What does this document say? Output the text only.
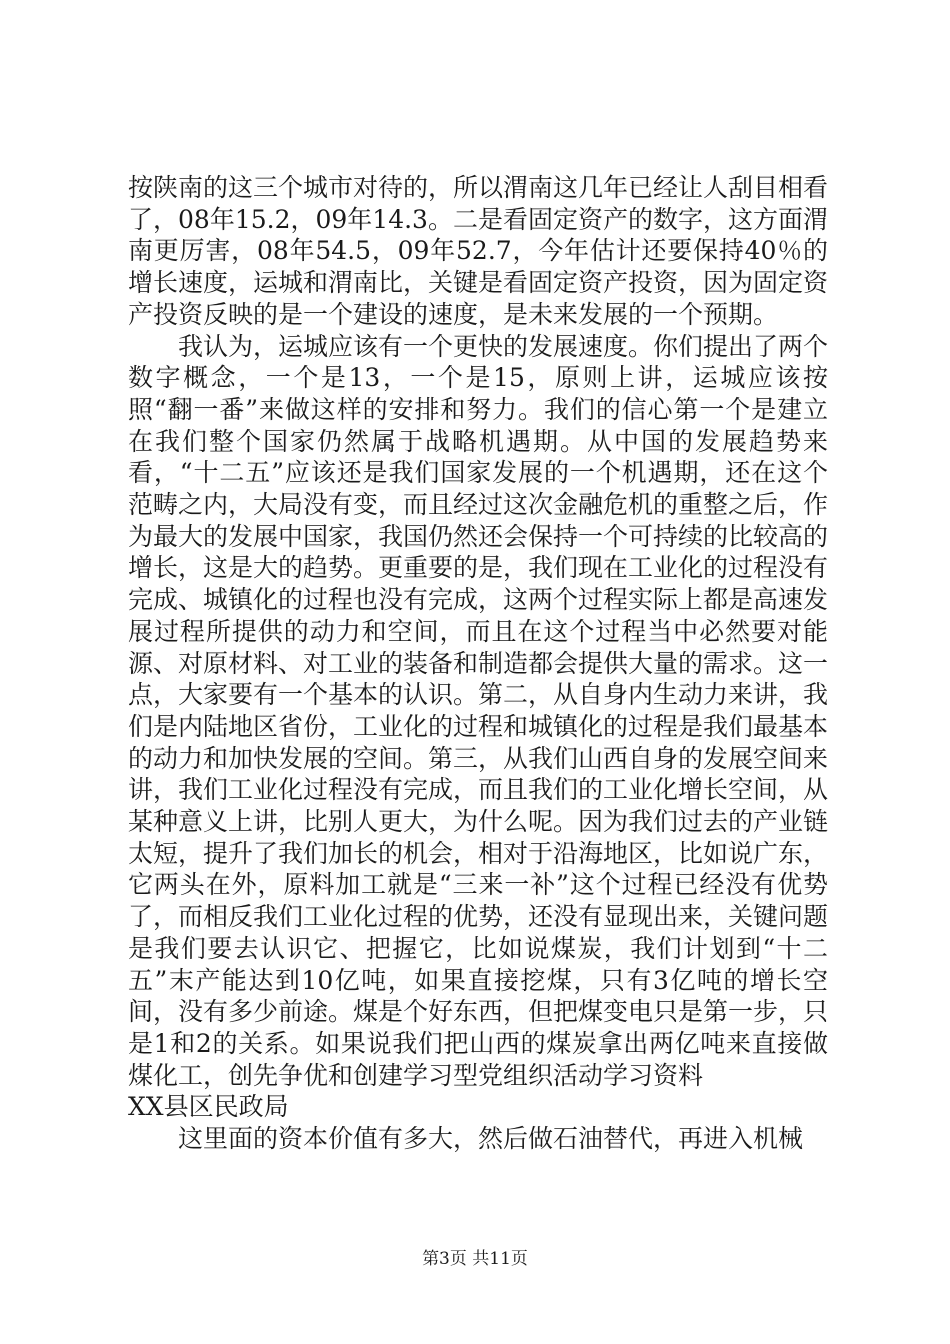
按陕南的这三个城市对待的，所以渭南这几年已经让人刮目相看了，08年15.2，09年14.3。二是看固定资产的数字，这方面渭南更厉害，08年54.5，09年52.7，今年估计还要保持40％的增长速度，运城和渭南比，关键是看固定资产投资，因为固定资产投资反映的是一个建设的速度，是未来发展的一个预期。

我认为，运城应该有一个更快的发展速度。你们提出了两个数字概念，一个是13，一个是15，原则上讲，运城应该按照“翻一番”来做这样的安排和努力。我们的信心第一个是建立在我们整个国家仍然属于战略机遇期。从中国的发展趋势来看，“十二五”应该还是我们国家发展的一个机遇期，还在这个范畴之内，大局没有变，而且经过这次金融危机的重整之后，作为最大的发展中国家，我国仍然还会保持一个可持续的比较高的增长，这是大的趋势。更重要的是，我们现在工业化的过程没有完成、城镇化的过程也没有完成，这两个过程实际上都是高速发展过程所提供的动力和空间，而且在这个过程当中必然要对能源、对原材料、对工业的装备和制造都会提供大量的需求。这一点，大家要有一个基本的认识。第二，从自身内生动力来讲，我们是内陆地区省份，工业化的过程和城镇化的过程是我们最基本的动力和加快发展的空间。第三，从我们山西自身的发展空间来讲，我们工业化过程没有完成，而且我们的工业化增长空间，从某种意义上讲，比别人更大，为什么呢。因为我们过去的产业链太短，提升了我们加长的机会，相对于沿海地区，比如说广东，它两头在外，原料加工就是“三来一补”这个过程已经没有优势了，而相反我们工业化过程的优势，还没有显现出来，关键问题是我们要去认识它、把握它，比如说煤炭，我们计划到“十二五”末产能达到10亿吨，如果直接挖煤，只有3亿吨的增长空间，没有多少前途。煤是个好东西，但把煤变电只是第一步，只是1和2的关系。如果说我们把山西的煤炭拿出两亿吨来直接做煤化工，创先争优和创建学习型党组织活动学习资料

XX县区民政局

这里面的资本价值有多大，然后做石油替代，再进入机械

第3页 共11页
